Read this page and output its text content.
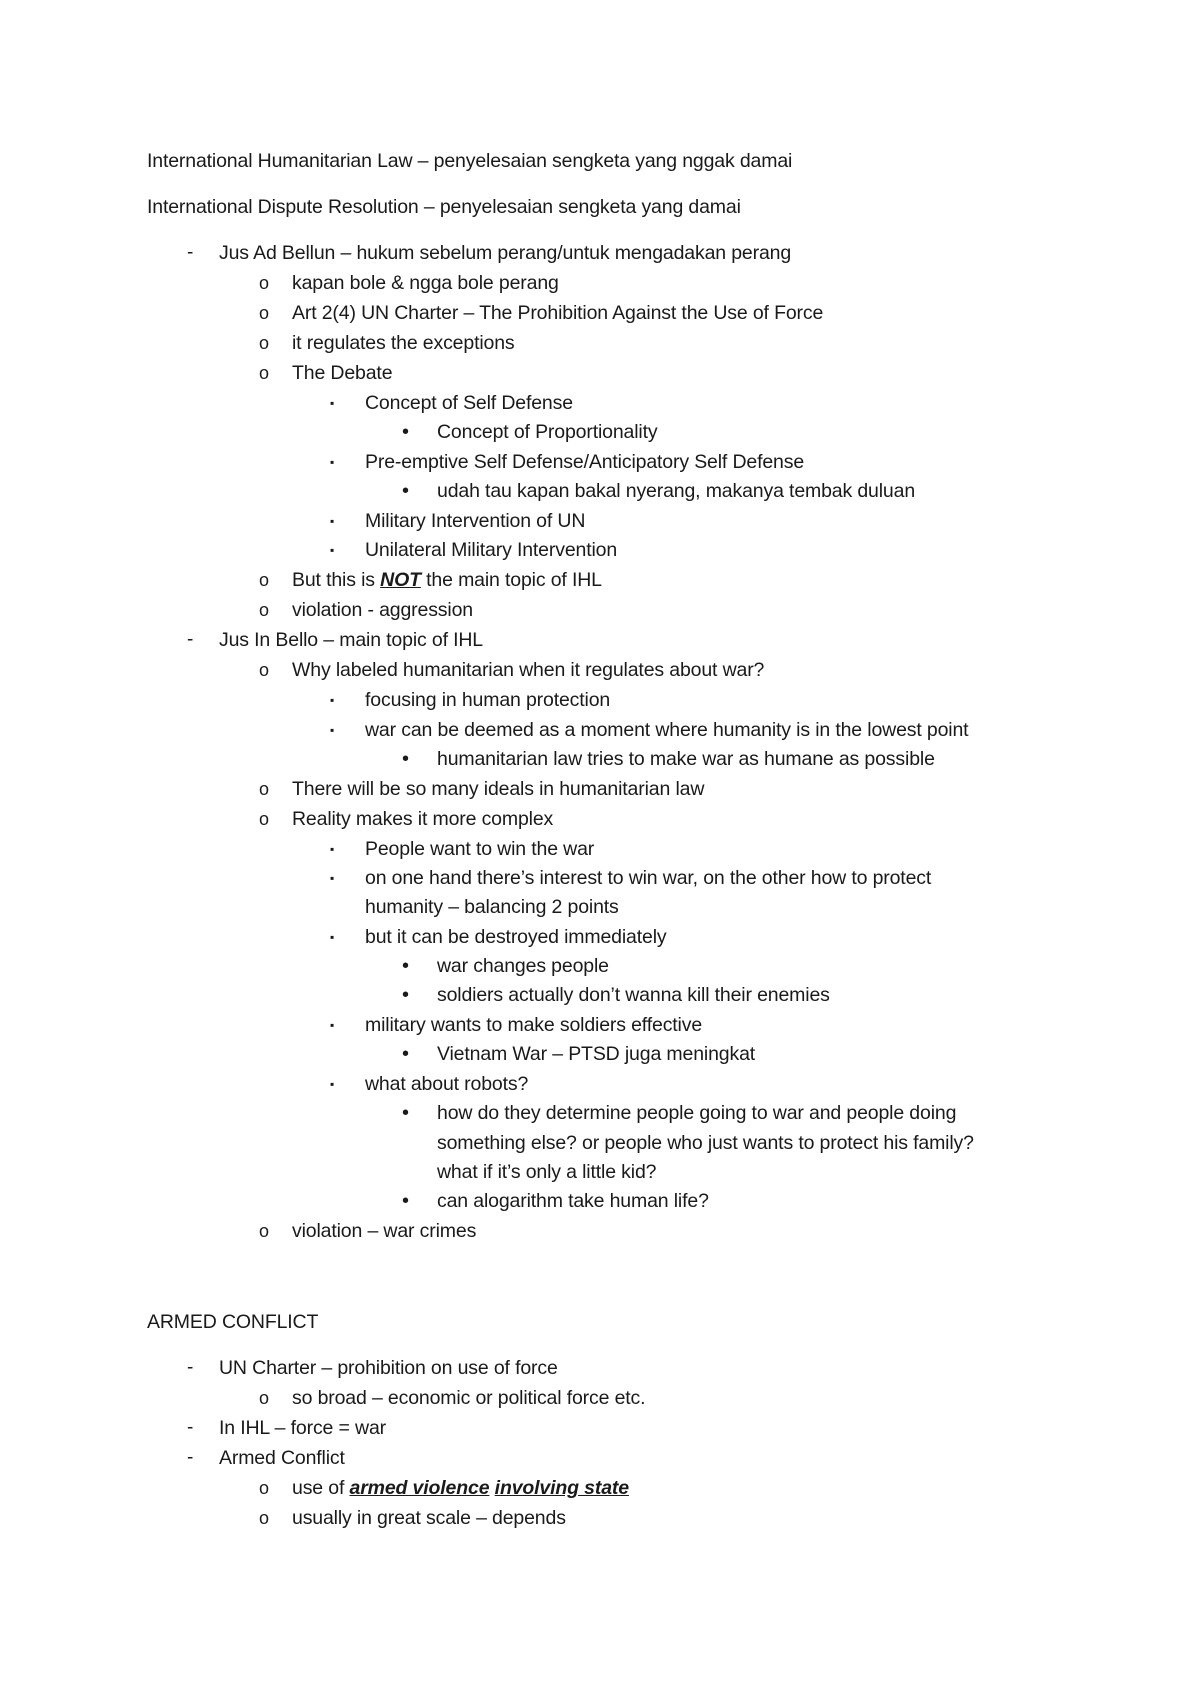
International Humanitarian Law – penyelesaian sengketa yang nggak damai
International Dispute Resolution – penyelesaian sengketa yang damai
- Jus Ad Bellun – hukum sebelum perang/untuk mengadakan perang
o kapan bole & ngga bole perang
o Art 2(4) UN Charter – The Prohibition Against the Use of Force
o it regulates the exceptions
o The Debate
▪ Concept of Self Defense
• Concept of Proportionality
▪ Pre-emptive Self Defense/Anticipatory Self Defense
• udah tau kapan bakal nyerang, makanya tembak duluan
▪ Military Intervention of UN
▪ Unilateral Military Intervention
o But this is NOT the main topic of IHL
o violation - aggression
- Jus In Bello – main topic of IHL
o Why labeled humanitarian when it regulates about war?
▪ focusing in human protection
▪ war can be deemed as a moment where humanity is in the lowest point
• humanitarian law tries to make war as humane as possible
o There will be so many ideals in humanitarian law
o Reality makes it more complex
▪ People want to win the war
▪ on one hand there’s interest to win war, on the other how to protect
humanity – balancing 2 points
▪ but it can be destroyed immediately
• war changes people
• soldiers actually don’t wanna kill their enemies
▪ military wants to make soldiers effective
• Vietnam War – PTSD juga meningkat
▪ what about robots?
• how do they determine people going to war and people doing
something else? or people who just wants to protect his family?
what if it’s only a little kid?
• can alogarithm take human life?
o violation – war crimes
ARMED CONFLICT
- UN Charter – prohibition on use of force
o so broad – economic or political force etc.
- In IHL – force = war
- Armed Conflict
o use of armed violence involving state
o usually in great scale – depends
